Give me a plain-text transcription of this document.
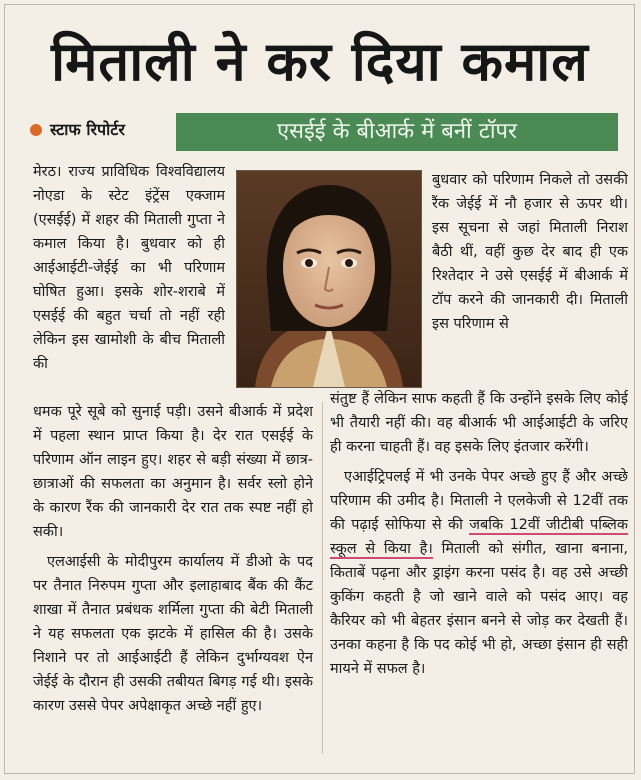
मिताली ने कर दिया कमाल
स्टाफ रिपोर्टर	एसईई के बीआर्क में बनीं टॉपर

मेरठ। राज्य प्राविधिक विश्वविद्यालय नोएडा के स्टेट इंट्रेंस एक्जाम (एसईई) में शहर की मिताली गुप्ता ने कमाल किया है। बुधवार को ही आईआईटी-जेईई का भी परिणाम घोषित हुआ। इसके शोर-शराबे में एसईई की बहुत चर्चा तो नहीं रही लेकिन इस खामोशी के बीच मिताली की

बुधवार को परिणाम निकले तो उसकी रैंक जेईई में नौ हजार से ऊपर थी। इस सूचना से जहां मिताली निराश बैठी थीं, वहीं कुछ देर बाद ही एक रिश्तेदार ने उसे एसईई में बीआर्क में टॉप करने की जानकारी दी। मिताली इस परिणाम से

धमक पूरे सूबे को सुनाई पड़ी। उसने बीआर्क में प्रदेश में पहला स्थान प्राप्त किया है। देर रात एसईई के परिणाम ऑन लाइन हुए। शहर से बड़ी संख्या में छात्र-छात्राओं की सफलता का अनुमान है। सर्वर स्लो होने के कारण रैंक की जानकारी देर रात तक स्पष्ट नहीं हो सकी।

एलआईसी के मोदीपुरम कार्यालय में डीओ के पद पर तैनात निरुपम गुप्ता और इलाहाबाद बैंक की कैंट शाखा में तैनात प्रबंधक शर्मिला गुप्ता की बेटी मिताली ने यह सफलता एक झटके में हासिल की है। उसके निशाने पर तो आईआईटी हैं लेकिन दुर्भाग्यवश ऐन जेईई के दौरान ही उसकी तबीयत बिगड़ गई थी। इसके कारण उससे पेपर अपेक्षाकृत अच्छे नहीं हुए।

संतुष्ट हैं लेकिन साफ कहती हैं कि उन्होंने इसके लिए कोई भी तैयारी नहीं की। वह बीआर्क भी आईआईटी के जरिए ही करना चाहती हैं। वह इसके लिए इंतजार करेंगी।

एआईट्रिपलई में भी उनके पेपर अच्छे हुए हैं और अच्छे परिणाम की उमीद है। मिताली ने एलकेजी से 12वीं तक की पढ़ाई सोफिया से की जबकि 12वीं जीटीबी पब्लिक स्कूल से किया है। मिताली को संगीत, खाना बनाना, किताबें पढ़ना और ड्राइंग करना पसंद है। वह उसे अच्छी कुकिंग कहती है जो खाने वाले को पसंद आए। वह कैरियर को भी बेहतर इंसान बनने से जोड़ कर देखती हैं। उनका कहना है कि पद कोई भी हो, अच्छा इंसान ही सही मायने में सफल है।
